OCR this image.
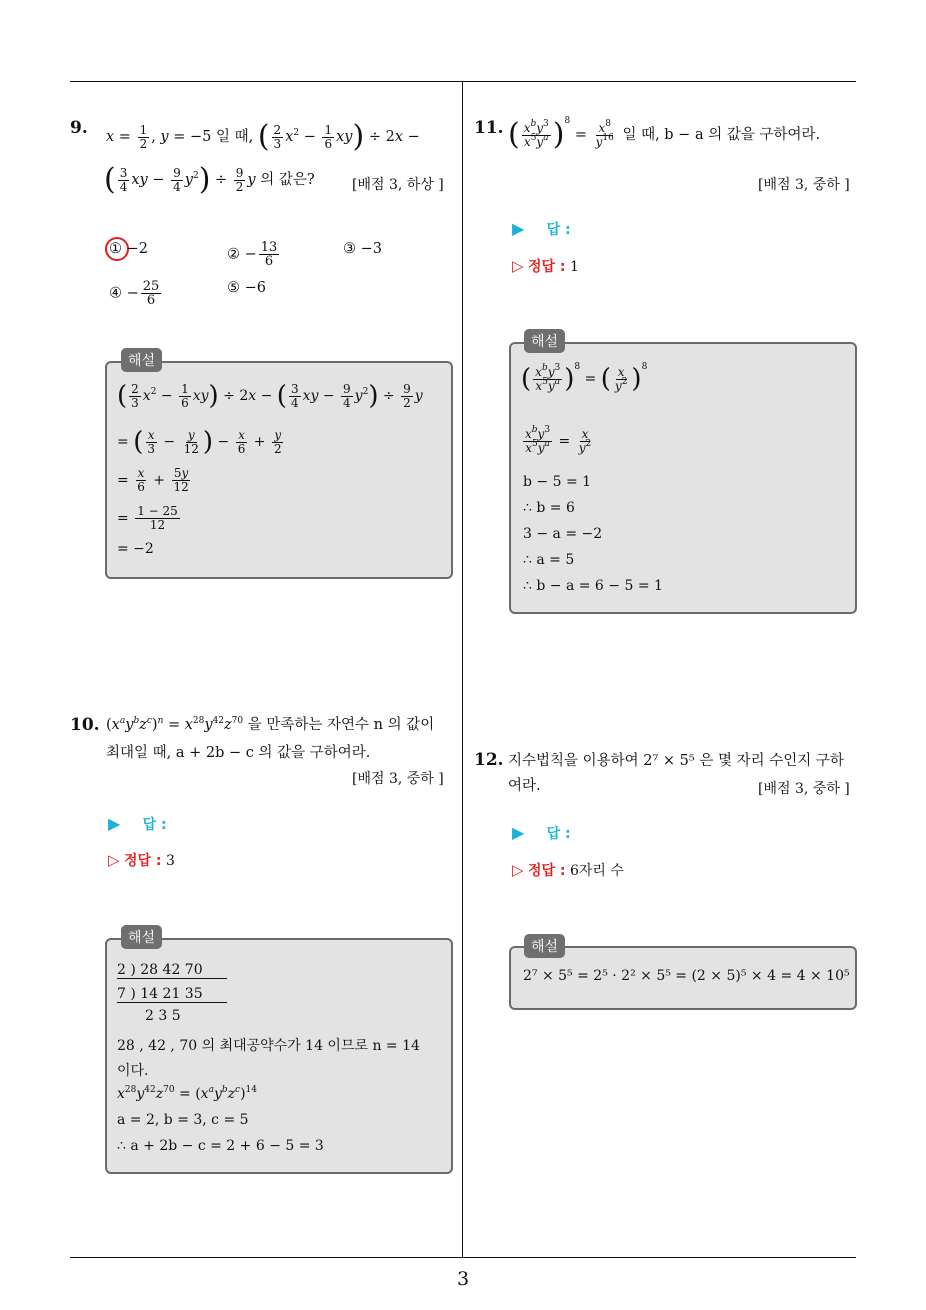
3
9. $x = \frac{1}{2}$ , y = −5 일 때, ( $\frac{2}{3} x^2 - \frac{1}{6} xy) \div 2x$ −
( $\frac{3}{4}$ xy − $\frac{9}{4} y^2) \div \frac{9}{2}$ y 의 값은?	[배점 3, 하상 ]
① −2	② − $\frac{13}{6}$	③ −3
④ − $\frac{25}{6}$	⑤ −6
( $\frac{2}{3} x^2 - \frac{1}{6} xy) \div 2x$ − ( $\frac{3}{4}$ xy − $\frac{9}{4} y^2) \div \frac{9}{2}$ y
= ( $\frac{x}{3} - \frac{y}{12}$ ) − $\frac{x}{6} + \frac{y}{2}$
= $\frac{x}{6} + \frac{5y}{12}$
= $\frac{1 - 25}{12}$
= −2
해설
10. $(x^ay^bz^c)^n = x^{28}y^{42}z^{70}$ 을 만족하는 자연수 n 의 값이
최대일 때, a + 2b − c 의 값을 구하여라.
[배점 3, 중하 ]
▶ 답 :
▷ 정답 : 3
2 ) 28 42 70
7 ) 14 21 35
2 3 5
28 , 42 , 70 의 최대공약수가 14 이므로 n = 14
이다.
$x^{28}y^{42}z^{70} = (x^ay^bz^c)^{14}$
a = 2, b = 3, c = 5
∴ a + 2b − c = 2 + 6 − 5 = 3
해설
11. ( $x^by^3$
$x^5y^a$ )$^8 = \frac{x^8}{y^{16}}$ 일 때, b − a 의 값을 구하여라.
[배점 3, 중하 ]
▶ 답 :
▷ 정답 : 1
( $x^by^3$
$x^5y^a$ )$^8$ = ( $\frac{x}{y^2} )^8$
$x^by^3$
$x^5y^a = \frac{x}{y^2}$
b − 5 = 1
∴ b = 6
3 − a = −2
∴ a = 5
∴ b − a = 6 − 5 = 1
해설
12. 지수법칙을 이용하여 2⁷ × 5⁵ 은 몇 자리 수인지 구하
여라.	[배점 3, 중하 ]
▶ 답 :
▷ 정답 : 6자리 수
2⁷ × 5⁵ = 2⁵ · 2² × 5⁵ = (2 × 5)⁵ × 4 = 4 × 10⁵
해설
